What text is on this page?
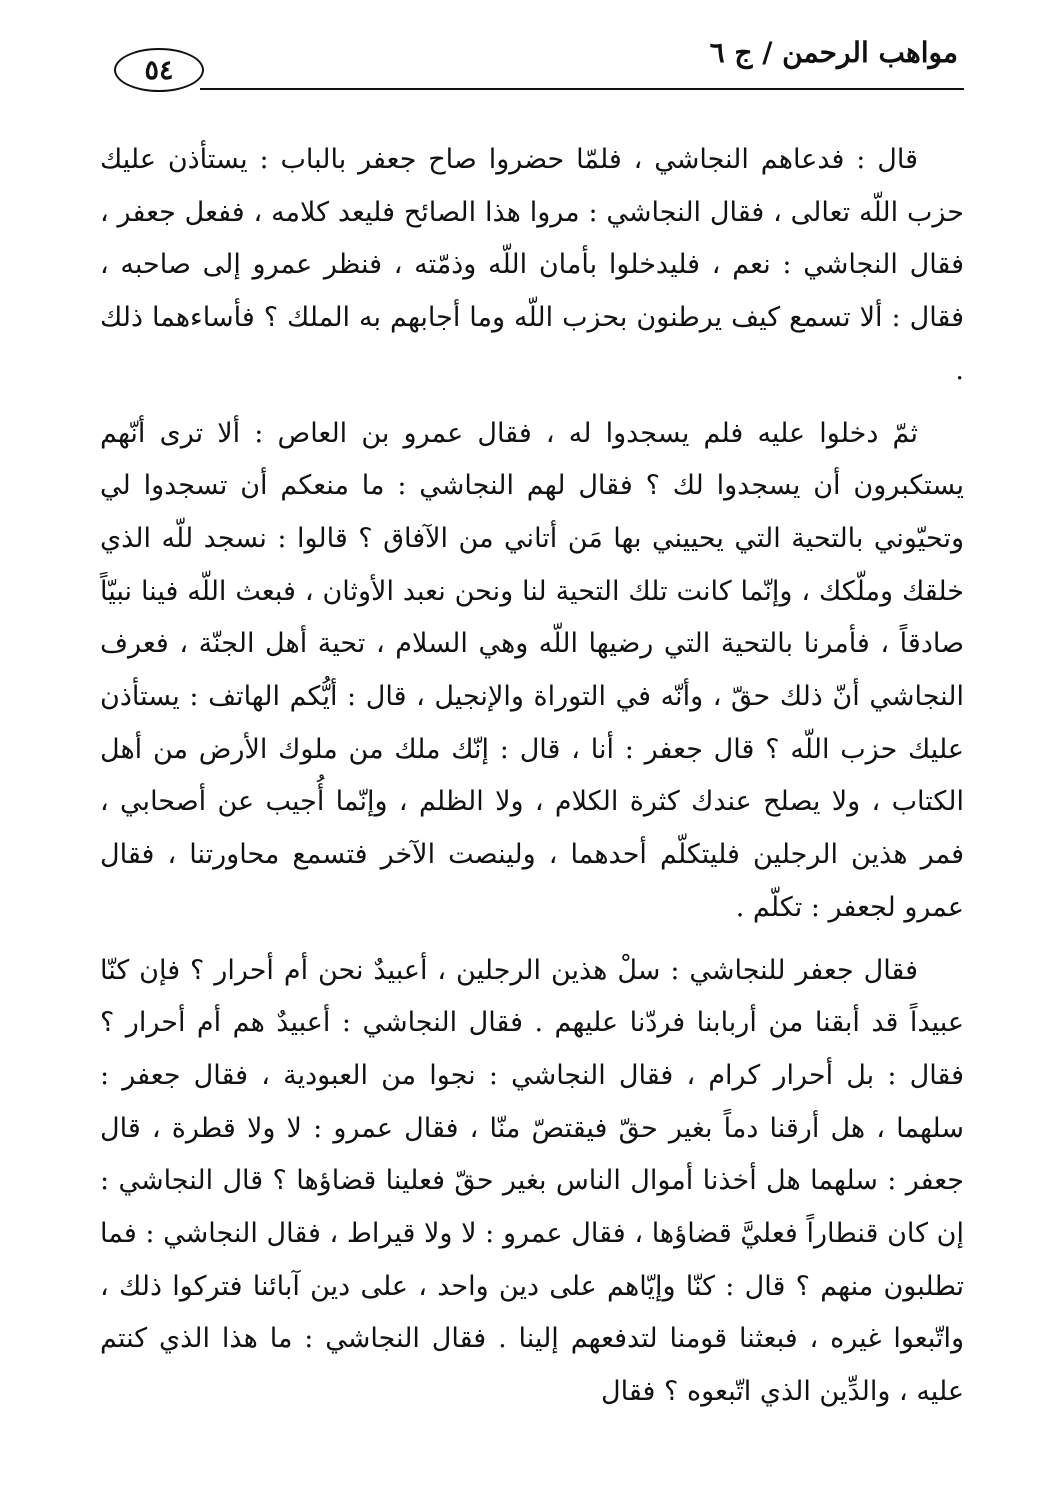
مواهب الرحمن / ج ٦
٥٤

قال : فدعاهم النجاشي ، فلمّا حضروا صاح جعفر بالباب : يستأذن عليك حزب اللّه تعالى ، فقال النجاشي : مروا هذا الصائح فليعد كلامه ، ففعل جعفر ، فقال النجاشي : نعم ، فليدخلوا بأمان اللّه وذمّته ، فنظر عمرو إلى صاحبه ، فقال : ألا تسمع كيف يرطنون بحزب اللّه وما أجابهم به الملك ؟ فأساءهما ذلك .

ثمّ دخلوا عليه فلم يسجدوا له ، فقال عمرو بن العاص : ألا ترى أنّهم يستكبرون أن يسجدوا لك ؟ فقال لهم النجاشي : ما منعكم أن تسجدوا لي وتحيّوني بالتحية التي يحييني بها مَن أتاني من الآفاق ؟ قالوا : نسجد للّه الذي خلقك وملّكك ، وإنّما كانت تلك التحية لنا ونحن نعبد الأوثان ، فبعث اللّه فينا نبيّاً صادقاً ، فأمرنا بالتحية التي رضيها اللّه وهي السلام ، تحية أهل الجنّة ، فعرف النجاشي أنّ ذلك حقّ ، وأنّه في التوراة والإنجيل ، قال : أيُّكم الهاتف : يستأذن عليك حزب اللّه ؟ قال جعفر : أنا ، قال : إنّك ملك من ملوك الأرض من أهل الكتاب ، ولا يصلح عندك كثرة الكلام ، ولا الظلم ، وإنّما أُجيب عن أصحابي ، فمر هذين الرجلين فليتكلّم أحدهما ، ولينصت الآخر فتسمع محاورتنا ، فقال عمرو لجعفر : تكلّم .

فقال جعفر للنجاشي : سلْ هذين الرجلين ، أعبيدٌ نحن أم أحرار ؟ فإن كنّا عبيداً قد أبقنا من أربابنا فردّنا عليهم . فقال النجاشي : أعبيدٌ هم أم أحرار ؟ فقال : بل أحرار كرام ، فقال النجاشي : نجوا من العبودية ، فقال جعفر : سلهما ، هل أرقنا دماً بغير حقّ فيقتصّ منّا ، فقال عمرو : لا ولا قطرة ، قال جعفر : سلهما هل أخذنا أموال الناس بغير حقّ فعلينا قضاؤها ؟ قال النجاشي : إن كان قنطاراً فعليَّ قضاؤها ، فقال عمرو : لا ولا قيراط ، فقال النجاشي : فما تطلبون منهم ؟ قال : كنّا وإيّاهم على دين واحد ، على دين آبائنا فتركوا ذلك ، واتّبعوا غيره ، فبعثنا قومنا لتدفعهم إلينا . فقال النجاشي : ما هذا الذي كنتم عليه ، والدِّين الذي اتّبعوه ؟ فقال
